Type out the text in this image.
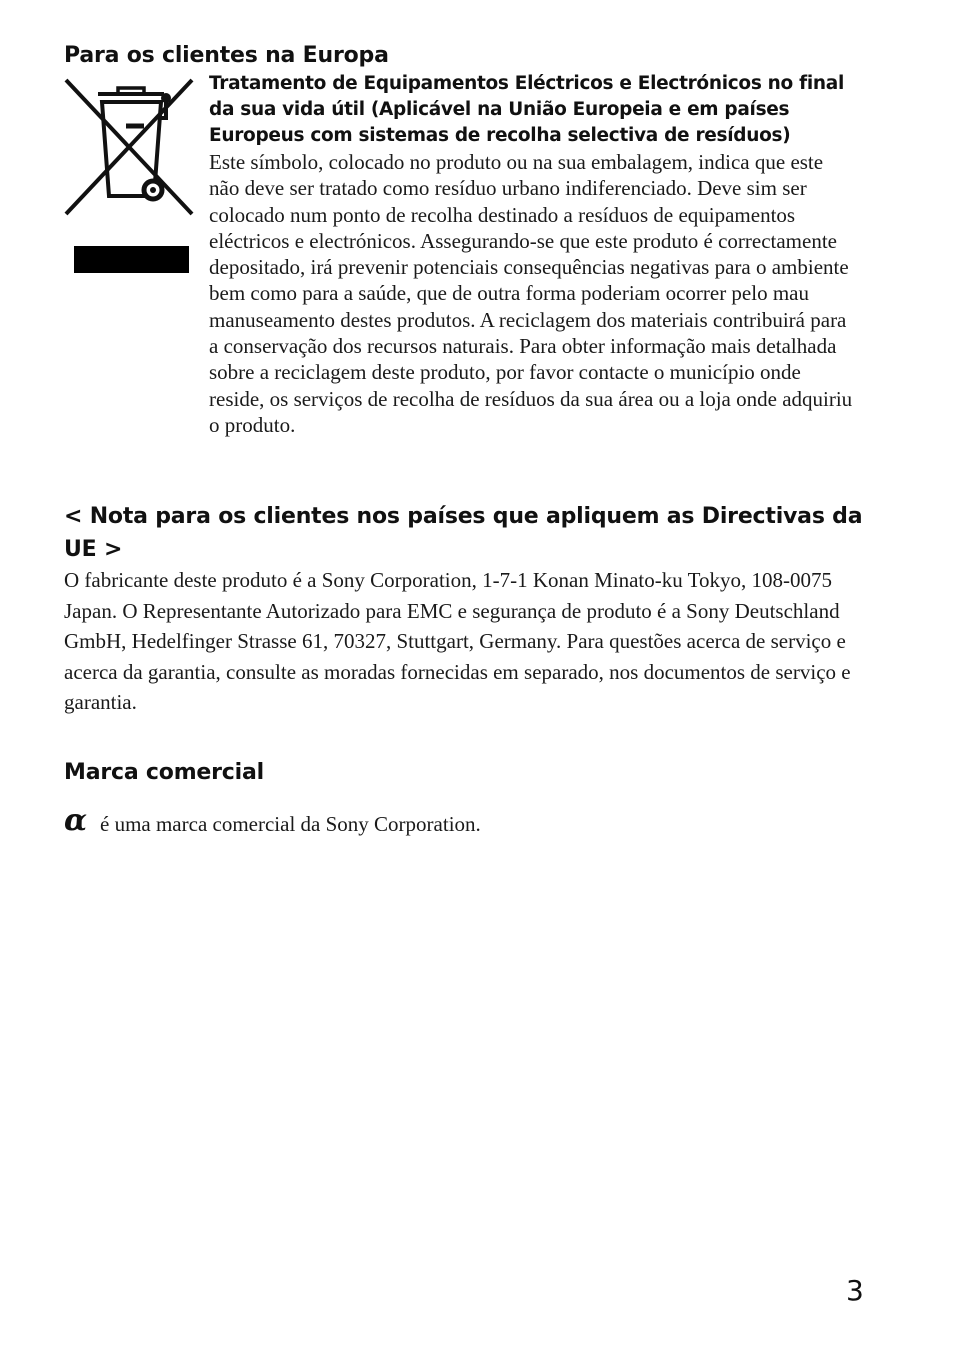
Para os clientes na Europa
Tratamento de Equipamentos Eléctricos e Electrónicos no final da sua vida útil (Aplicável na União Europeia e em países Europeus com sistemas de recolha selectiva de resíduos)
Este símbolo, colocado no produto ou na sua embalagem, indica que este não deve ser tratado como resíduo urbano indiferenciado. Deve sim ser colocado num ponto de recolha destinado a resíduos de equipamentos eléctricos e electrónicos. Assegurando-se que este produto é correctamente depositado, irá prevenir potenciais consequências negativas para o ambiente bem como para a saúde, que de outra forma poderiam ocorrer pelo mau manuseamento destes produtos. A reciclagem dos materiais contribuirá para a conservação dos recursos naturais. Para obter informação mais detalhada sobre a reciclagem deste produto, por favor contacte o município onde reside, os serviços de recolha de resíduos da sua área ou a loja onde adquiriu o produto.
< Nota para os clientes nos países que apliquem as Directivas da UE >
O fabricante deste produto é a Sony Corporation, 1-7-1 Konan Minato-ku Tokyo, 108-0075 Japan. O Representante Autorizado para EMC e segurança de produto é a Sony Deutschland GmbH, Hedelfinger Strasse 61, 70327, Stuttgart, Germany. Para questões acerca de serviço e acerca da garantia, consulte as moradas fornecidas em separado, nos documentos de serviço e garantia.
Marca comercial
α é uma marca comercial da Sony Corporation.
3
